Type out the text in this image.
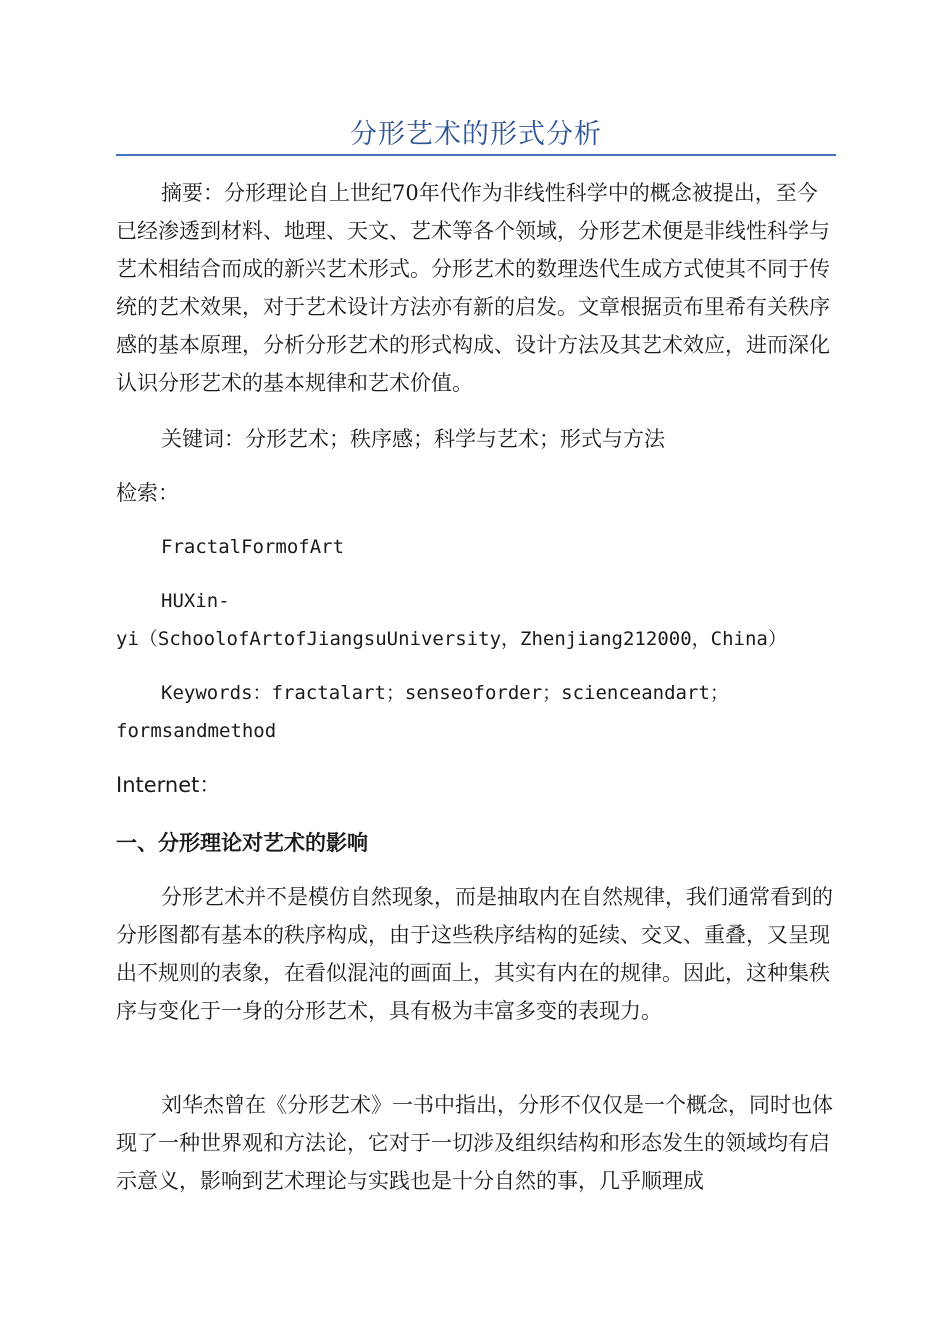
分形艺术的形式分析

摘要：分形理论自上世纪70年代作为非线性科学中的概念被提出，至今已经渗透到材料、地理、天文、艺术等各个领域，分形艺术便是非线性科学与艺术相结合而成的新兴艺术形式。分形艺术的数理迭代生成方式使其不同于传统的艺术效果，对于艺术设计方法亦有新的启发。文章根据贡布里希有关秩序感的基本原理，分析分形艺术的形式构成、设计方法及其艺术效应，进而深化认识分形艺术的基本规律和艺术价值。

关键词：分形艺术；秩序感；科学与艺术；形式与方法

检索：

FractalFormofArt

HUXin-

yi（SchoolofArtofJiangsuUniversity，Zhenjiang212000，China）

Keywords：fractalart；senseoforder；scienceandart；

formsandmethod

Internet：

一、分形理论对艺术的影响

分形艺术并不是模仿自然现象，而是抽取内在自然规律，我们通常看到的分形图都有基本的秩序构成，由于这些秩序结构的延续、交叉、重叠，又呈现出不规则的表象，在看似混沌的画面上，其实有内在的规律。因此，这种集秩序与变化于一身的分形艺术，具有极为丰富多变的表现力。

刘华杰曾在《分形艺术》一书中指出，分形不仅仅是一个概念，同时也体现了一种世界观和方法论，它对于一切涉及组织结构和形态发生的领域均有启示意义，影响到艺术理论与实践也是十分自然的事，几乎顺理成
